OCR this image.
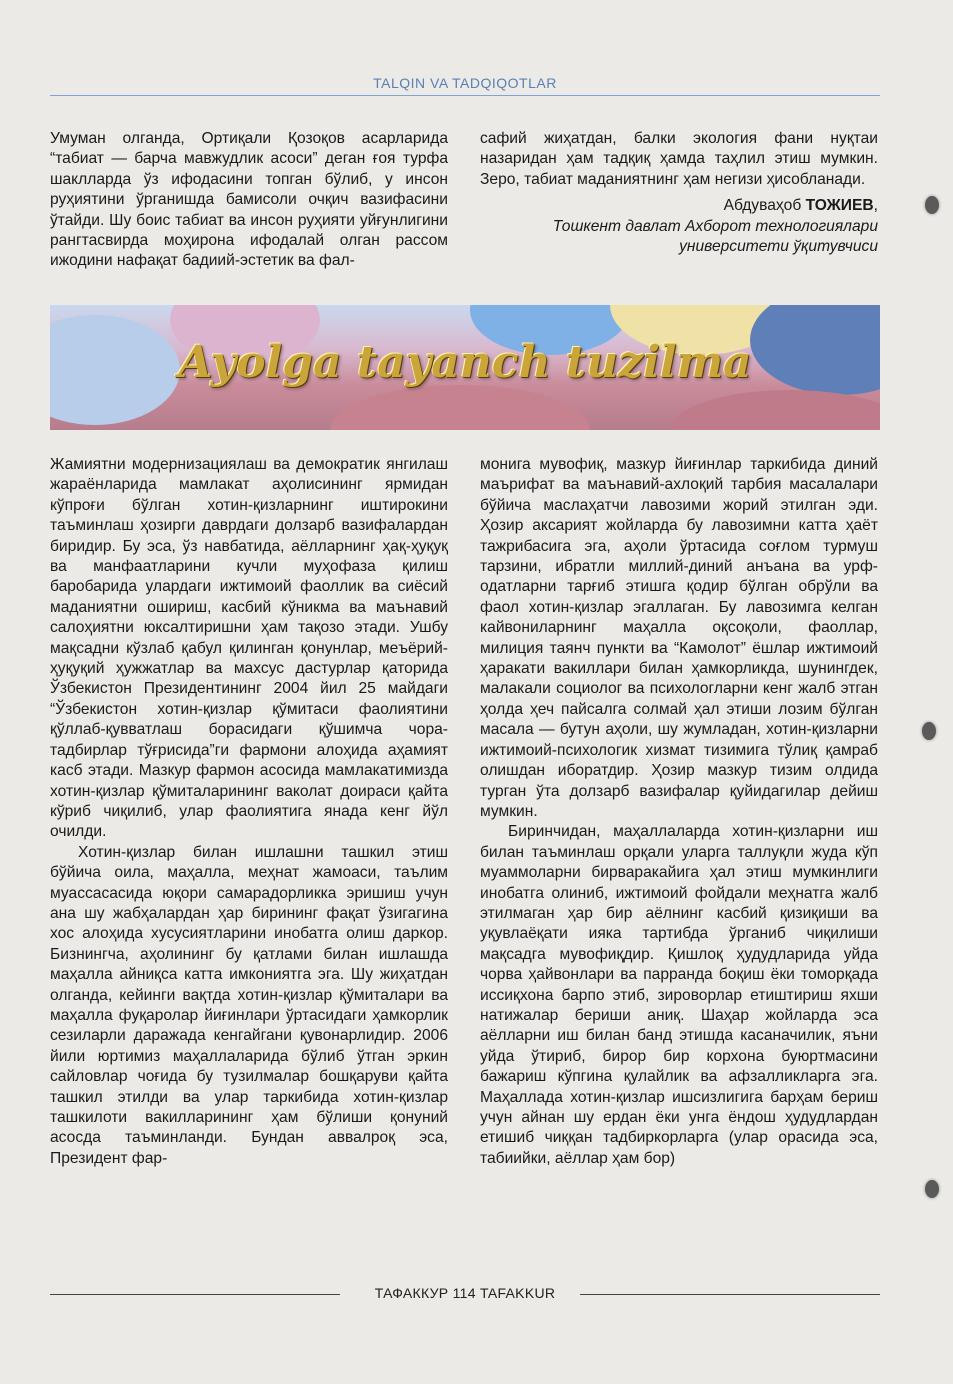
TALQIN VA TADQIQOTLAR

Умуман олганда, Ортиқали Қозоқов асарларида “табиат — барча мавжудлик асоси” деган ғоя турфа шаклларда ўз ифодасини топган бўлиб, у инсон руҳиятини ўрганишда бамисоли очқич вазифасини ўтайди. Шу боис табиат ва инсон руҳияти уйғунлигини рангтасвирда моҳирона ифодалай олган рассом ижодини нафақат бадиий-эстетик ва фал-

сафий жиҳатдан, балки экология фани нуқтаи назаридан ҳам тадқиқ ҳамда таҳлил этиш мумкин. Зеро, табиат маданиятнинг ҳам негизи ҳисобланади.

Абдуваҳоб ТОЖИЕВ,
Тошкент давлат Ахборот технологиялари
университети ўқитувчиси
Ayolga tayanch tuzilma

Жамиятни модернизациялаш ва демократик янгилаш жараёнларида мамлакат аҳолисининг ярмидан кўпроғи бўлган хотин-қизларнинг иштирокини таъминлаш ҳозирги даврдаги долзарб вазифалардан биридир. Бу эса, ўз навбатида, аёлларнинг ҳақ-ҳуқуқ ва манфаатларини кучли муҳофаза қилиш баробарида улардаги ижтимоий фаоллик ва сиёсий маданиятни ошириш, касбий кўникма ва маънавий салоҳиятни юксалтиришни ҳам тақозо этади. Ушбу мақсадни кўзлаб қабул қилинган қонунлар, меъёрий-ҳуқуқий ҳужжатлар ва махсус дастурлар қаторида Ўзбекистон Президентининг 2004 йил 25 майдаги “Ўзбекистон хотин-қизлар қўмитаси фаолиятини қўллаб-қувватлаш борасидаги қўшимча чора-тадбирлар тўғрисида”ги фармони алоҳида аҳамият касб этади. Мазкур фармон асосида мамлакатимизда хотин-қизлар қўмиталарининг ваколат доираси қайта кўриб чиқилиб, улар фаолиятига янада кенг йўл очилди.

Хотин-қизлар билан ишлашни ташкил этиш бўйича оила, маҳалла, меҳнат жамоаси, таълим муассасасида юқори самарадорликка эришиш учун ана шу жабҳалардан ҳар бирининг фақат ўзигагина хос алоҳида хусусиятларини инобатга олиш даркор. Бизнингча, аҳолининг бу қатлами билан ишлашда маҳалла айниқса катта имкониятга эга. Шу жиҳатдан олганда, кейинги вақтда хотин-қизлар қўмиталари ва маҳалла фуқаролар йиғинлари ўртасидаги ҳамкорлик сезиларли даражада кенгайгани қувонарлидир. 2006 йили юртимиз маҳаллаларида бўлиб ўтган эркин сайловлар чоғида бу тузилмалар бошқаруви қайта ташкил этилди ва улар таркибида хотин-қизлар ташкилоти вакилларининг ҳам бўлиши қонуний асосда таъминланди. Бундан аввалроқ эса, Президент фар-

монига мувофиқ, мазкур йиғинлар таркибида диний маърифат ва маънавий-ахлоқий тарбия масалалари бўйича маслаҳатчи лавозими жорий этилган эди. Ҳозир аксарият жойларда бу лавозимни катта ҳаёт тажрибасига эга, аҳоли ўртасида соғлом турмуш тарзини, ибратли миллий-диний анъана ва урф-одатларни тарғиб этишга қодир бўлган обрўли ва фаол хотин-қизлар эгаллаган. Бу лавозимга келган кайвониларнинг маҳалла оқсоқоли, фаоллар, милиция таянч пункти ва “Камолот” ёшлар ижтимоий ҳаракати вакиллари билан ҳамкорликда, шунингдек, малакали социолог ва психологларни кенг жалб этган ҳолда ҳеч пайсалга солмай ҳал этиши лозим бўлган масала — бутун аҳоли, шу жумладан, хотин-қизларни ижтимоий-психологик хизмат тизимига тўлиқ қамраб олишдан иборатдир. Ҳозир мазкур тизим олдида турган ўта долзарб вазифалар қуйидагилар дейиш мумкин.

Биринчидан, маҳаллаларда хотин-қизларни иш билан таъминлаш орқали уларга таллуқли жуда кўп муаммоларни бирваракайига ҳал этиш мумкинлиги инобатга олиниб, ижтимоий фойдали меҳнатга жалб этилмаган ҳар бир аёлнинг касбий қизиқиши ва уқувлаёқати ияка тартибда ўрганиб чиқилиши мақсадга мувофиқдир. Қишлоқ ҳудудларида уйда чорва ҳайвонлари ва парранда боқиш ёки томорқада иссиқхона барпо этиб, зироворлар етиштириш яхши натижалар бериши аниқ. Шаҳар жойларда эса аёлларни иш билан банд этишда касаначилик, яъни уйда ўтириб, бирор бир корхона буюртмасини бажариш кўпгина қулайлик ва афзалликларга эга. Маҳаллада хотин-қизлар ишсизлигига барҳам бериш учун айнан шу ердан ёки унга ёндош ҳудудлардан етишиб чиққан тадбиркорларга (улар орасида эса, табиийки, аёллар ҳам бор)

ТАФАККУР 114 TAFAKKUR
